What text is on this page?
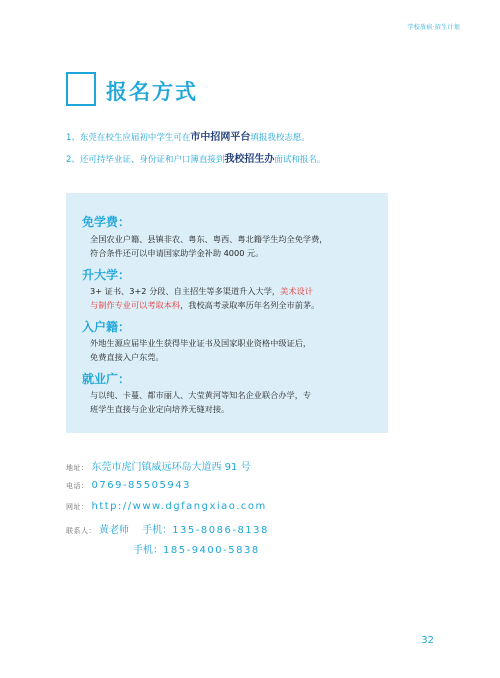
学校放宿·招生计划
报名方式
1、东莞在校生应届初中学生可在市中招网平台填报我校志愿。
2、还可持毕业证、身份证和户口簿直接到我校招生办面试和报名。
免学费：
全国农业户籍、县镇非农、粤东、粤西、粤北籍学生均全免学费，
符合条件还可以申请国家助学金补助 4000 元。
升大学：
3+ 证书、3+2 分段、自主招生等多渠道升入大学，美术设计
与制作专业可以考取本科，我校高考录取率历年名列全市前茅。
入户籍：
外地生源应届毕业生获得毕业证书及国家职业资格中级证后，
免费直接入户东莞。
就业广：
与以纯、卡蔓、都市丽人、大莹黄河等知名企业联合办学，专
班学生直接与企业定向培养无缝对接。
地址： 东莞市虎门镇威远环岛大道西 91 号
电话： 0769-85505943
网址： http://www.dgfangxiao.com
联系人： 黄老师 手机：135-8086-8138
手机：185-9400-5838
32
